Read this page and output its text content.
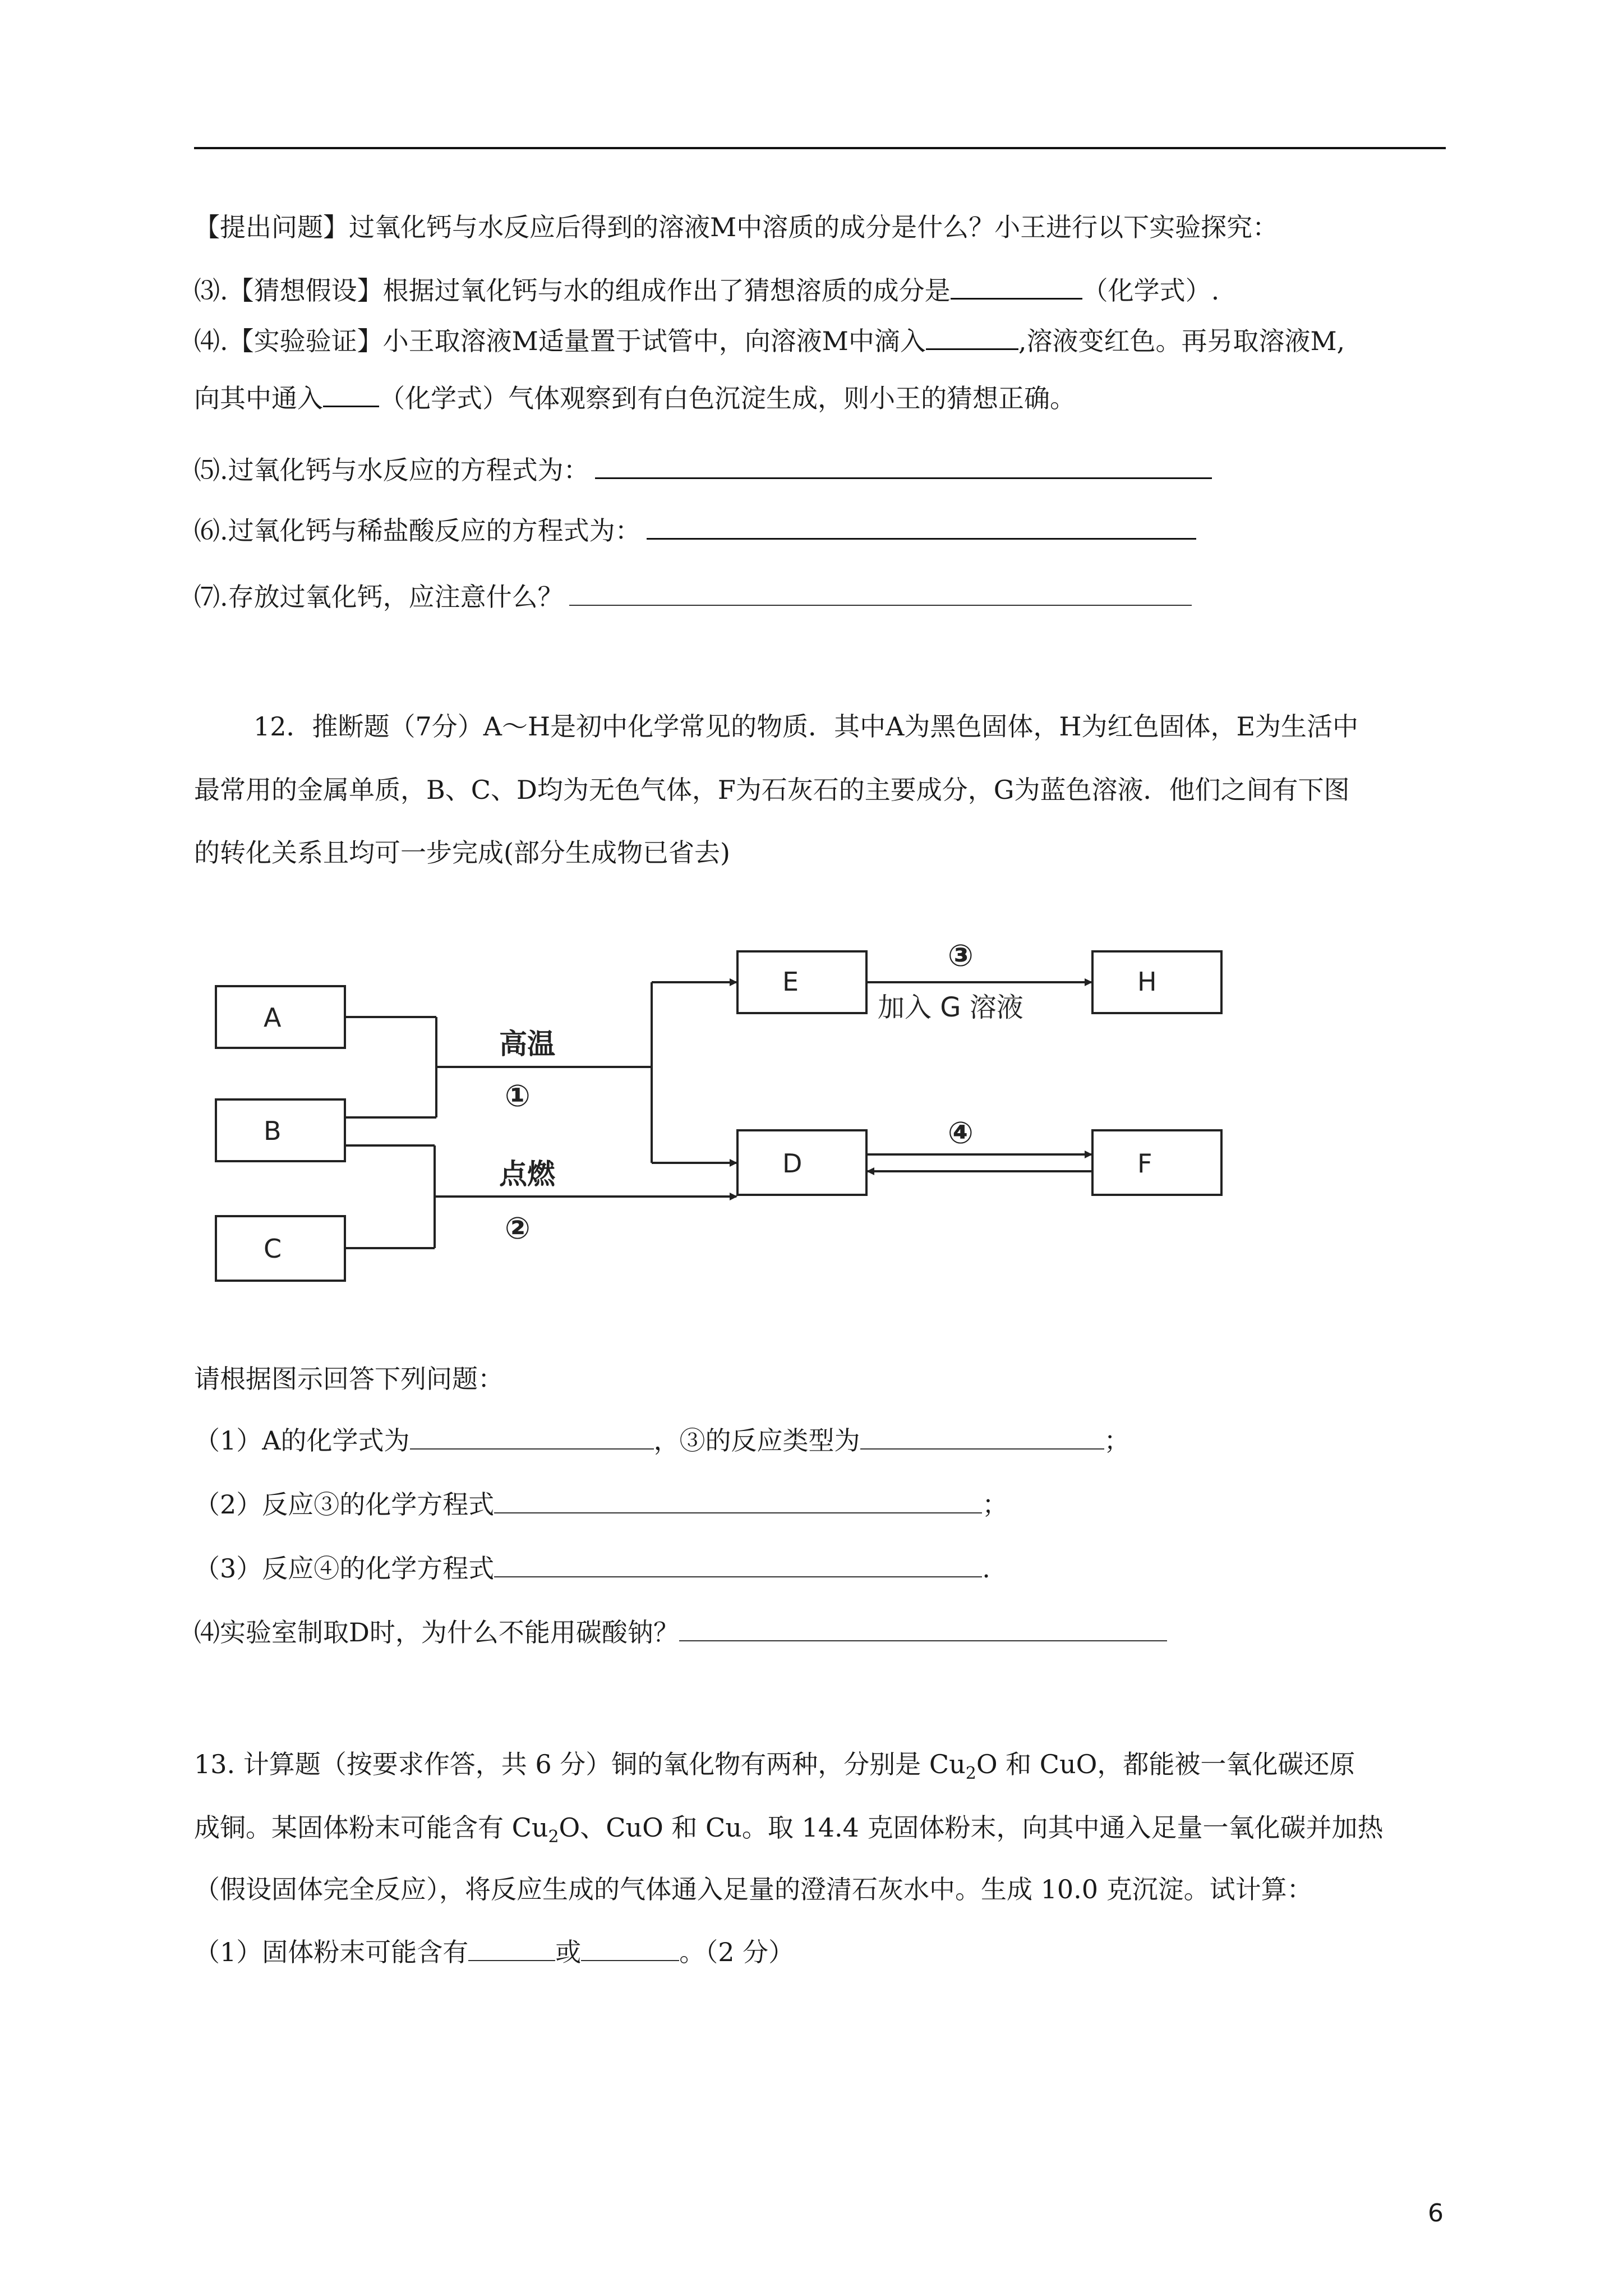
【提出问题】过氧化钙与水反应后得到的溶液M中溶质的成分是什么？小王进行以下实验探究：
⑶.【猜想假设】根据过氧化钙与水的组成作出了猜想溶质的成分是	（化学式）.
⑷.【实验验证】小王取溶液M适量置于试管中，向溶液M中滴入	,溶液变红色。再另取溶液M,
向其中通入 （化学式）气体观察到有白色沉淀生成，则小王的猜想正确。
⑸.过氧化钙与水反应的方程式为：
⑹.过氧化钙与稀盐酸反应的方程式为：
⑺.存放过氧化钙，应注意什么？
12．推断题（7分）A～H是初中化学常见的物质．其中A为黑色固体，H为红色固体，E为生活中
最常用的金属单质，B、C、D均为无色气体，F为石灰石的主要成分，G为蓝色溶液．他们之间有下图
的转化关系且均可一步完成(部分生成物已省去)
A
B
C
E	H
D	F
高温
①
点燃
②
③
加入 G 溶液
④
请根据图示回答下列问题：
（1）A的化学式为	，③的反应类型为	；
（2）反应③的化学方程式	；
（3）反应④的化学方程式	.
⑷实验室制取D时，为什么不能用碳酸钠？
13. 计算题（按要求作答，共 6 分）铜的氧化物有两种，分别是 $Cu_2O$ 和 CuO，都能被一氧化碳还原
成铜。某固体粉末可能含有 $Cu_2O$、CuO 和 Cu。取 14.4 克固体粉末，向其中通入足量一氧化碳并加热
（假设固体完全反应），将反应生成的气体通入足量的澄清石灰水中。生成 10.0 克沉淀。试计算：
（1）固体粉末可能含有	或	。（2 分）
6
